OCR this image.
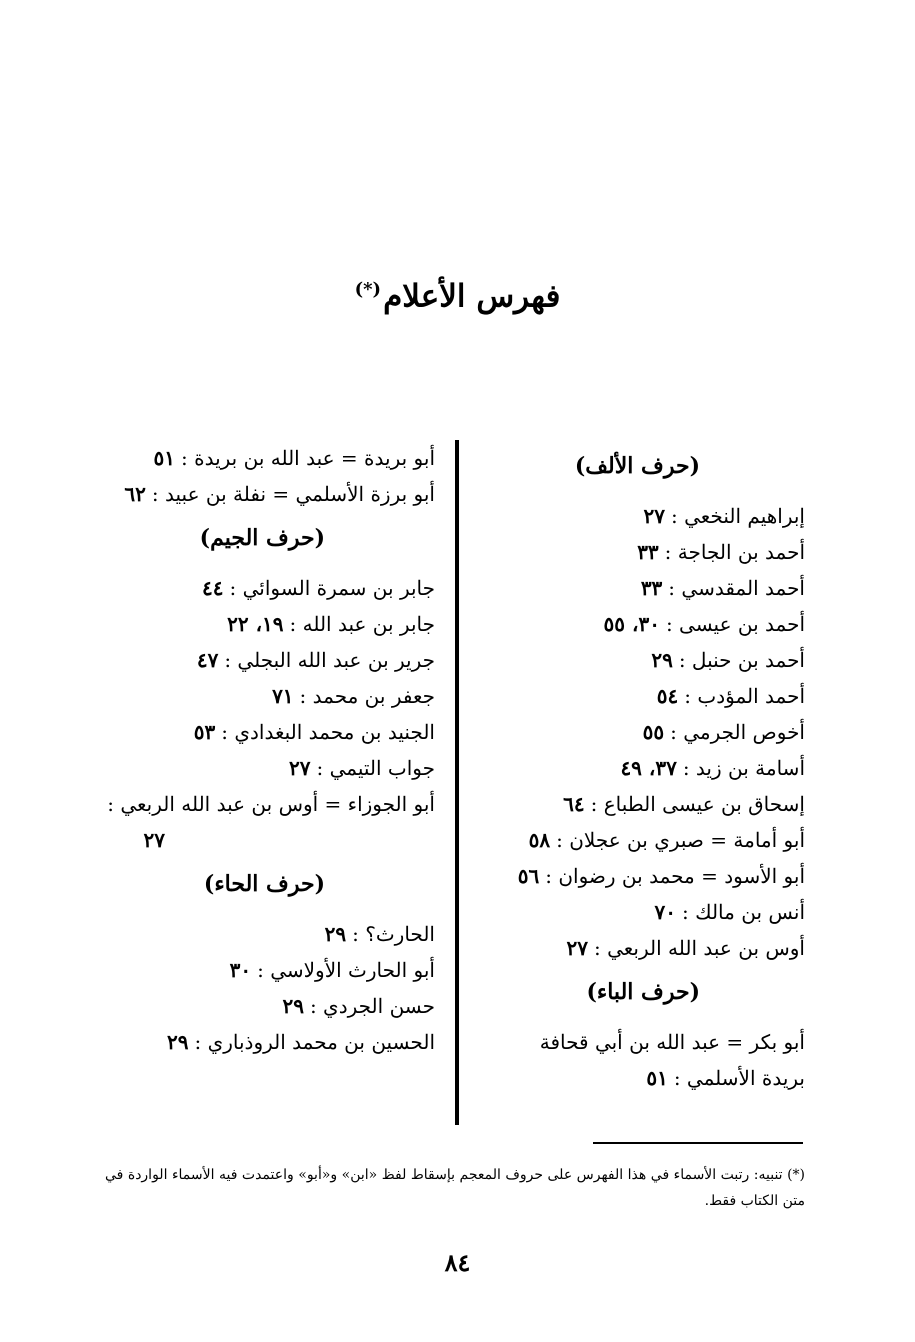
فهرس الأعلام(*)
(حرف الألف)
إبراهيم النخعي :٢٧
أحمد بن الجاجة :٣٣
أحمد المقدسي :٣٣
أحمد بن عيسى :٣٠، ٥٥
أحمد بن حنبل :٢٩
أحمد المؤدب :٥٤
أخوص الجرمي :٥٥
أسامة بن زيد :٣٧، ٤٩
إسحاق بن عيسى الطباع :٦٤
أبو أمامة = صبري بن عجلان :٥٨
أبو الأسود = محمد بن رضوان :٥٦
أنس بن مالك :٧٠
أوس بن عبد الله الربعي :٢٧
(حرف الباء)
أبو بكر = عبد الله بن أبي قحافة
بريدة الأسلمي :٥١
أبو بريدة = عبد الله بن بريدة :٥١
أبو برزة الأسلمي = نفلة بن عبيد :٦٢
(حرف الجيم)
جابر بن سمرة السوائي :٤٤
جابر بن عبد الله :١٩، ٢٢
جرير بن عبد الله البجلي :٤٧
جعفر بن محمد :٧١
الجنيد بن محمد البغدادي :٥٣
جواب التيمي :٢٧
أبو الجوزاء = أوس بن عبد الله الربعي :
٢٧
(حرف الحاء)
الحارث؟ :٢٩
أبو الحارث الأولاسي :٣٠
حسن الجردي :٢٩
الحسين بن محمد الروذباري :٢٩
(*) تنبيه: رتبت الأسماء في هذا الفهرس على حروف المعجم بإسقاط لفظ «ابن» و«أبو» واعتمدت فيه الأسماء الواردة في متن الكتاب فقط.
٨٤
